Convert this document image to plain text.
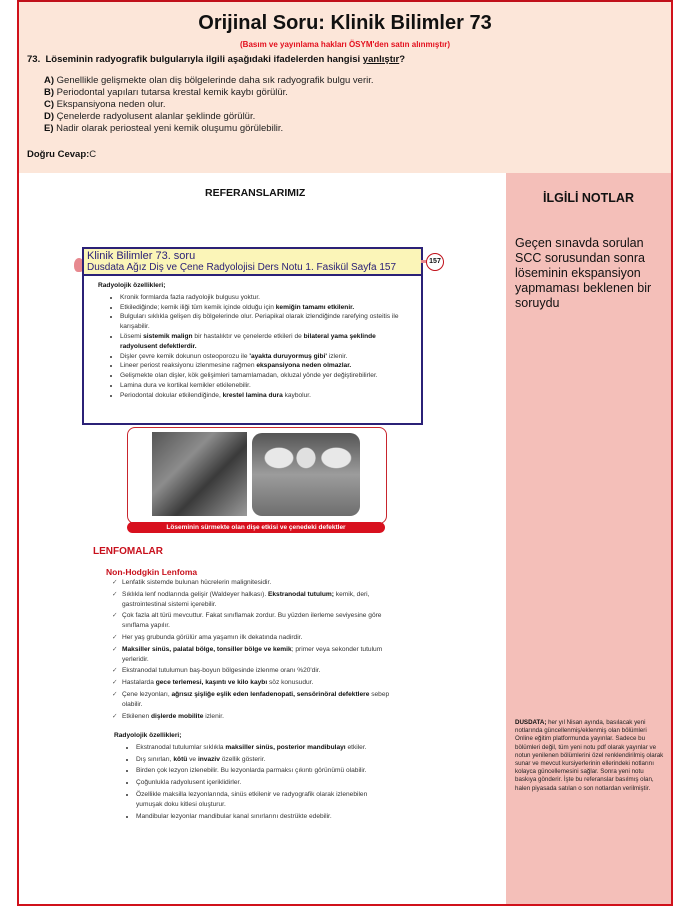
Orijinal Soru: Klinik Bilimler 73
(Basım ve yayınlama hakları ÖSYM'den satın alınmıştır)
73. Löseminin radyografik bulgularıyla ilgili aşağıdaki ifadelerden hangisi yanlıştır?
A) Genellikle gelişmekte olan diş bölgelerinde daha sık radyografik bulgu verir.
B) Periodontal yapıları tutarsa krestal kemik kaybı görülür.
C) Ekspansiyona neden olur.
D) Çenelerde radyolusent alanlar şeklinde görülür.
E) Nadir olarak periosteal yeni kemik oluşumu görülebilir.
Doğru Cevap:C
REFERANSLARIMIZ	İLGİLİ NOTLAR
Geçen sınavda sorulan SCC sorusundan sonra löseminin ekspansiyon yapmaması beklenen bir soruydu
DUSDATA; her yıl Nisan ayında, basılacak yeni notlarında güncellenmiş/eklenmiş olan bölümleri Online eğitim platformunda yayınlar. Sadece bu bölümleri değil, tüm yeni notu pdf olarak yayınlar ve notun yenilenen bölümlerini özel renklendirilmiş olarak sunar ve mevcut kursiyerlerinin ellerindeki notlarını kolayca güncellemesini sağlar. Sonra yeni notu baskıya gönderir. İşte bu referanslar basılmış olan, halen piyasada satılan o son notlardan verilmiştir.
Klinik Bilimler 73. soru
Dusdata Ağız Diş ve Çene Radyolojisi Ders Notu 1. Fasikül Sayfa 157
Radyolojik özellikleri;
• Kronik formlarda fazla radyolojik bulgusu yoktur.
• Etkilediğinde; kemik iliği tüm kemik içinde olduğu için kemiğin tamamı etkilenir.
• Bulguları sıklıkla gelişen diş bölgelerinde olur. Periapikal olarak izlendiğinde rarefying osteitis ile karışabilir.
• Lösemi sistemik malign bir hastalıktır ve çenelerde etkileri de bilateral yama şeklinde radyolusent defektlerdir.
• Dişler çevre kemik dokunun osteoporozu ile 'ayakta duruyormuş gibi' izlenir.
• Lineer periost reaksiyonu izlenmesine rağmen ekspansiyona neden olmazlar.
• Gelişmekte olan dişler, kök gelişimleri tamamlamadan, okluzal yönde yer değiştirebilirler.
• Lamina dura ve kortikal kemikler etkilenebilir.
• Periodontal dokular etkilendiğinde, krestel lamina dura kaybolur.
157
Löseminin sürmekte olan dişe etkisi ve çenedeki defektler
LENFOMALAR
Non-Hodgkin Lenfoma
✓ Lenfatik sistemde bulunan hücrelerin malignitesidir.
✓ Sıklıkla lenf nodlarında gelişir (Waldeyer halkası). Ekstranodal tutulum; kemik, deri, gastrointestinal sistemi içerebilir.
✓ Çok fazla alt türü mevcuttur. Fakat sınıflamak zordur. Bu yüzden ilerleme seviyesine göre sınıflama yapılır.
✓ Her yaş grubunda görülür ama yaşamın ilk dekatında nadirdir.
✓ Maksiller sinüs, palatal bölge, tonsiller bölge ve kemik; primer veya sekonder tutulum yerleridir.
✓ Ekstranodal tutulumun baş-boyun bölgesinde izlenme oranı %20'dir.
✓ Hastalarda gece terlemesi, kaşıntı ve kilo kaybı söz konusudur.
✓ Çene lezyonları, ağrısız şişliğe eşlik eden lenfadenopati, sensörinöral defektlere sebep olabilir.
✓ Etkilenen dişlerde mobilite izlenir.
Radyolojik özellikleri;
• Ekstranodal tutulumlar sıklıkla maksiller sinüs, posterior mandibulayı etkiler.
• Dış sınırları, kötü ve invaziv özellik gösterir.
• Birden çok lezyon izlenebilir. Bu lezyonlarda parmaksı çıkıntı görünümü olabilir.
• Çoğunlukla radyolusent içeriklidirler.
• Özellikle maksilla lezyonlarında, sinüs etkilenir ve radyografik olarak izlenebilen yumuşak doku kitlesi oluşturur.
• Mandibular lezyonlar mandibular kanal sınırlarını destrükte edebilir.
